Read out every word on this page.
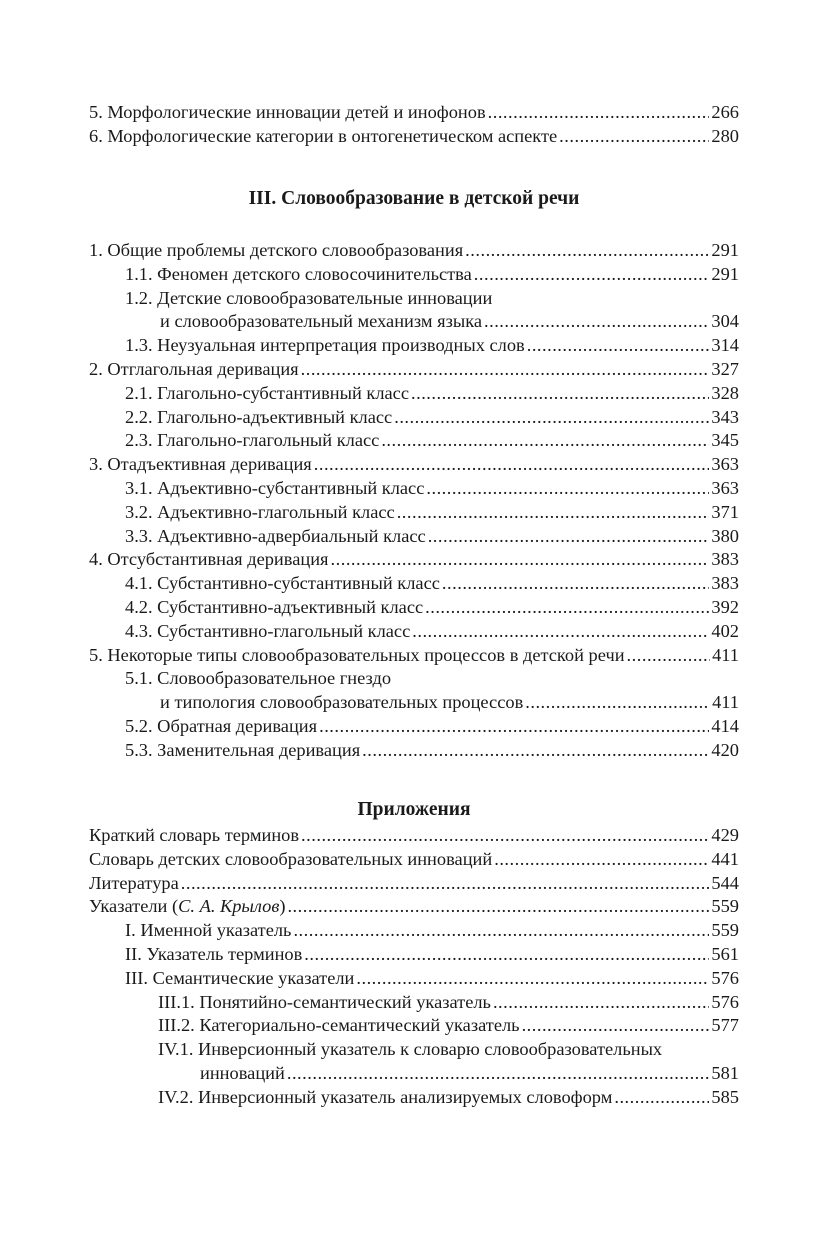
5. Морфологические инновации детей и инофонов .....	266
6. Морфологические категории в онтогенетическом аспекте .....	280
III. Словообразование в детской речи
1. Общие проблемы детского словообразования .....	291
1.1. Феномен детского словосочинительства .....	291
1.2. Детские словообразовательные инновации
и словообразовательный механизм языка .....	304
1.3. Неузуальная интерпретация производных слов .....	314
2. Отглагольная деривация .....	327
2.1. Глагольно-субстантивный класс .....	328
2.2. Глагольно-адъективный класс .....	343
2.3. Глагольно-глагольный класс .....	345
3. Отадъективная деривация .....	363
3.1. Адъективно-субстантивный класс .....	363
3.2. Адъективно-глагольный класс .....	371
3.3. Адъективно-адвербиальный класс .....	380
4. Отсубстантивная деривация .....	383
4.1. Субстантивно-субстантивный класс .....	383
4.2. Субстантивно-адъективный класс .....	392
4.3. Субстантивно-глагольный класс .....	402
5. Некоторые типы словообразовательных процессов в детской речи .....	411
5.1. Словообразовательное гнездо
и типология словообразовательных процессов .....	411
5.2. Обратная деривация .....	414
5.3. Заменительная деривация .....	420
Приложения
Краткий словарь терминов .....	429
Словарь детских словообразовательных инноваций .....	441
Литература .....	544
Указатели (С. А. Крылов) .....	559
I. Именной указатель .....	559
II. Указатель терминов .....	561
III. Семантические указатели .....	576
III.1. Понятийно-семантический указатель .....	576
III.2. Категориально-семантический указатель .....	577
IV.1. Инверсионный указатель к словарю словообразовательных
инноваций .....	581
IV.2. Инверсионный указатель анализируемых словоформ .....	585
